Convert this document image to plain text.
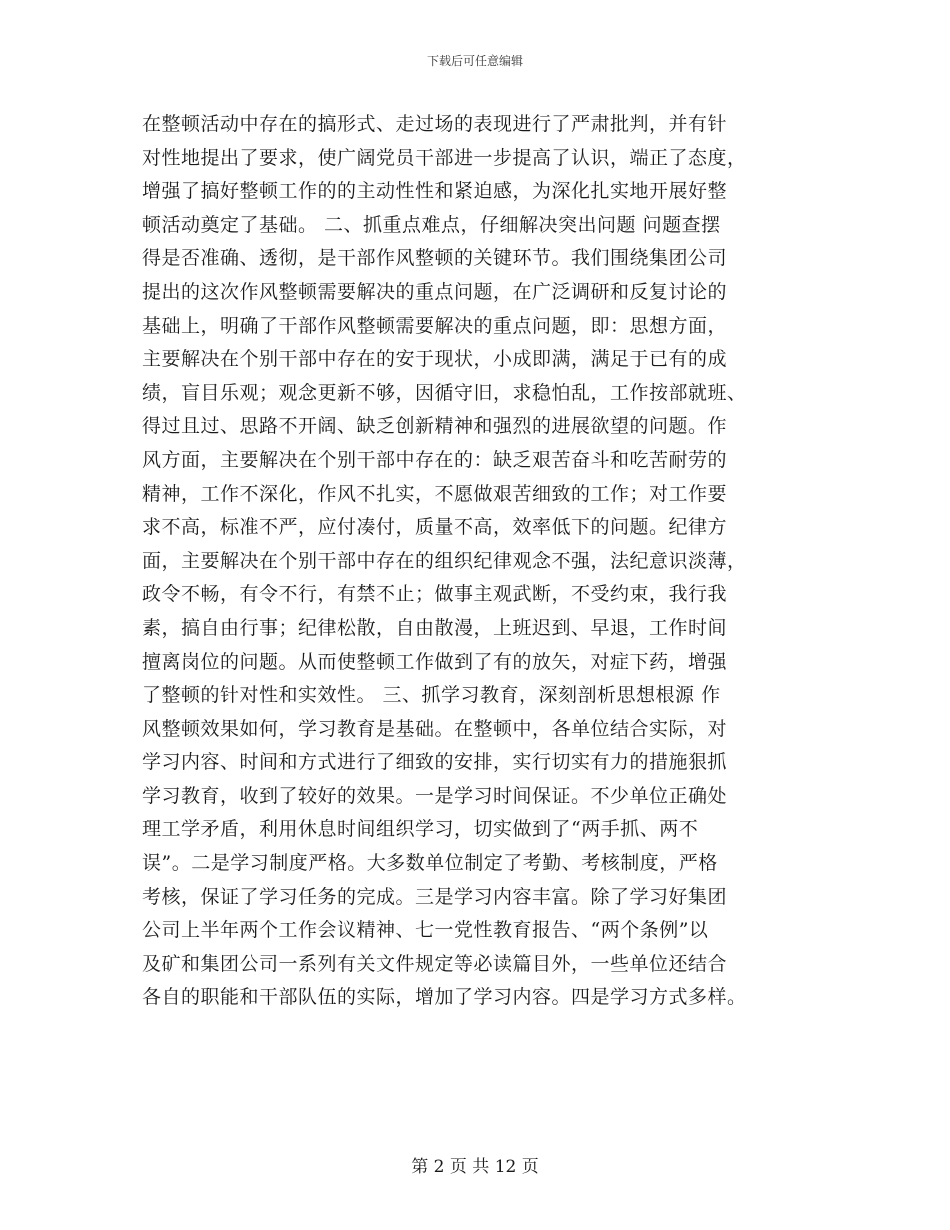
下载后可任意编辑
在整顿活动中存在的搞形式、走过场的表现进行了严肃批判，并有针
对性地提出了要求，使广阔党员干部进一步提高了认识，端正了态度，
增强了搞好整顿工作的的主动性性和紧迫感，为深化扎实地开展好整
顿活动奠定了基础。 二、抓重点难点，仔细解决突出问题 问题查摆
得是否准确、透彻，是干部作风整顿的关键环节。我们围绕集团公司
提出的这次作风整顿需要解决的重点问题，在广泛调研和反复讨论的
基础上，明确了干部作风整顿需要解决的重点问题，即：思想方面，
主要解决在个别干部中存在的安于现状，小成即满，满足于已有的成
绩，盲目乐观；观念更新不够，因循守旧，求稳怕乱，工作按部就班、
得过且过、思路不开阔、缺乏创新精神和强烈的进展欲望的问题。作
风方面，主要解决在个别干部中存在的：缺乏艰苦奋斗和吃苦耐劳的
精神，工作不深化，作风不扎实，不愿做艰苦细致的工作；对工作要
求不高，标准不严，应付凑付，质量不高，效率低下的问题。纪律方
面，主要解决在个别干部中存在的组织纪律观念不强，法纪意识淡薄，
政令不畅，有令不行，有禁不止；做事主观武断，不受约束，我行我
素，搞自由行事；纪律松散，自由散漫，上班迟到、早退，工作时间
擅离岗位的问题。从而使整顿工作做到了有的放矢，对症下药，增强
了整顿的针对性和实效性。 三、抓学习教育，深刻剖析思想根源 作
风整顿效果如何，学习教育是基础。在整顿中，各单位结合实际，对
学习内容、时间和方式进行了细致的安排，实行切实有力的措施狠抓
学习教育，收到了较好的效果。一是学习时间保证。不少单位正确处
理工学矛盾，利用休息时间组织学习，切实做到了“两手抓、两不
误”。二是学习制度严格。大多数单位制定了考勤、考核制度，严格
考核，保证了学习任务的完成。三是学习内容丰富。除了学习好集团
公司上半年两个工作会议精神、七一党性教育报告、“两个条例”以
及矿和集团公司一系列有关文件规定等必读篇目外，一些单位还结合
各自的职能和干部队伍的实际，增加了学习内容。四是学习方式多样。
第 2 页 共 12 页
